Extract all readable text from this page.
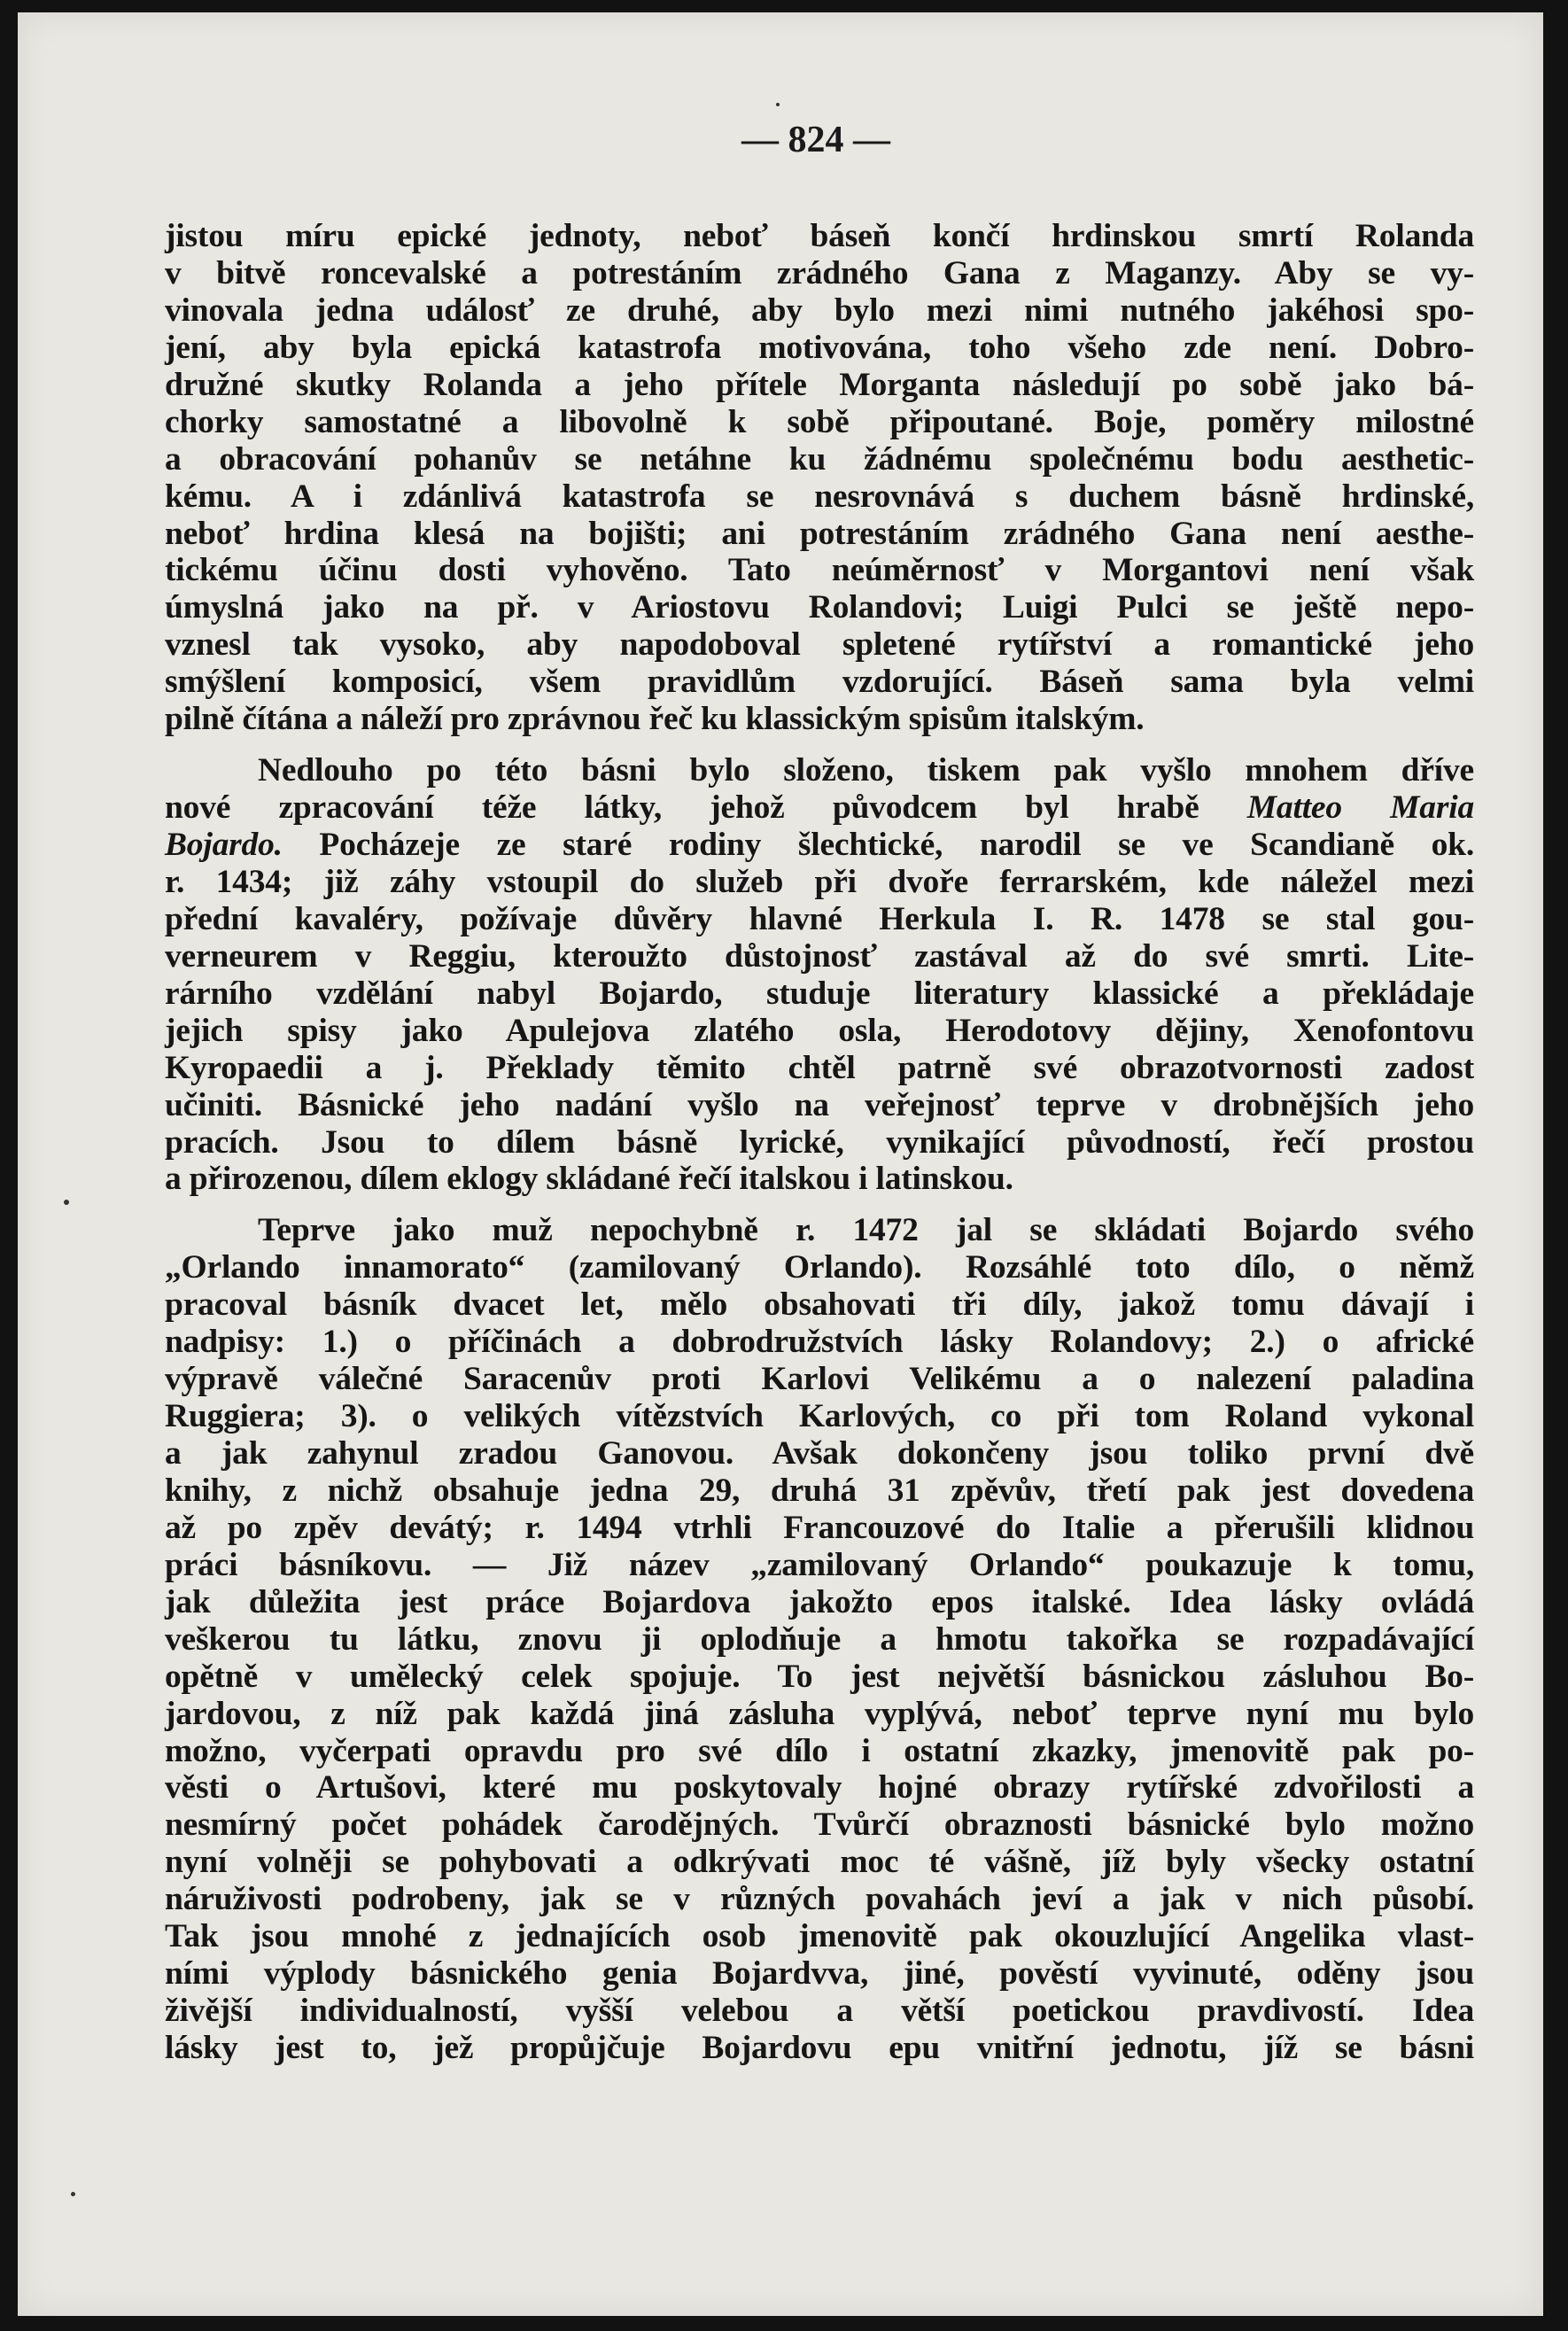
— 824 —
jistou míru epické jednoty, neboť báseň končí hrdinskou smrtí Rolanda
v bitvě roncevalské a potrestáním zrádného Gana z Maganzy. Aby se vy-
vinovala jedna událosť ze druhé, aby bylo mezi nimi nutného jakéhosi spo-
jení, aby byla epická katastrofa motivována, toho všeho zde není. Dobro-
družné skutky Rolanda a jeho přítele Morganta následují po sobě jako bá-
chorky samostatné a libovolně k sobě připoutané. Boje, poměry milostné
a obracování pohanův se netáhne ku žádnému společnému bodu aesthetic-
kému. A i zdánlivá katastrofa se nesrovnává s duchem básně hrdinské,
neboť hrdina klesá na bojišti; ani potrestáním zrádného Gana není aesthe-
tickému účinu dosti vyhověno. Tato neúměrnosť v Morgantovi není však
úmyslná jako na př. v Ariostovu Rolandovi; Luigi Pulci se ještě nepo-
vznesl tak vysoko, aby napodoboval spletené rytířství a romantické jeho
smýšlení komposicí, všem pravidlům vzdorující. Báseň sama byla velmi
pilně čítána a náleží pro zprávnou řeč ku klassickým spisům italským.
Nedlouho po této básni bylo složeno, tiskem pak vyšlo mnohem dříve
nové zpracování téže látky, jehož původcem byl hrabě Matteo Maria
Bojardo. Pocházeje ze staré rodiny šlechtické, narodil se ve Scandianě ok.
r. 1434; již záhy vstoupil do služeb při dvoře ferrarském, kde náležel mezi
přední kavaléry, požívaje důvěry hlavné Herkula I. R. 1478 se stal gou-
verneurem v Reggiu, kteroužto důstojnosť zastával až do své smrti. Lite-
rárního vzdělání nabyl Bojardo, studuje literatury klassické a překládaje
jejich spisy jako Apulejova zlatého osla, Herodotovy dějiny, Xenofontovu
Kyropaedii a j. Překlady těmito chtěl patrně své obrazotvornosti zadost
učiniti. Básnické jeho nadání vyšlo na veřejnosť teprve v drobnějších jeho
pracích. Jsou to dílem básně lyrické, vynikající původností, řečí prostou
a přirozenou, dílem eklogy skládané řečí italskou i latinskou.
Teprve jako muž nepochybně r. 1472 jal se skládati Bojardo svého
„Orlando innamorato“ (zamilovaný Orlando). Rozsáhlé toto dílo, o němž
pracoval básník dvacet let, mělo obsahovati tři díly, jakož tomu dávají i
nadpisy: 1.) o příčinách a dobrodružstvích lásky Rolandovy; 2.) o africké
výpravě válečné Saracenův proti Karlovi Velikému a o nalezení paladina
Ruggiera; 3). o velikých vítězstvích Karlových, co při tom Roland vykonal
a jak zahynul zradou Ganovou. Avšak dokončeny jsou toliko první dvě
knihy, z nichž obsahuje jedna 29, druhá 31 zpěvův, třetí pak jest dovedena
až po zpěv devátý; r. 1494 vtrhli Francouzové do Italie a přerušili klidnou
práci básníkovu. — Již název „zamilovaný Orlando“ poukazuje k tomu,
jak důležita jest práce Bojardova jakožto epos italské. Idea lásky ovládá
veškerou tu látku, znovu ji oplodňuje a hmotu takořka se rozpadávající
opětně v umělecký celek spojuje. To jest největší básnickou zásluhou Bo-
jardovou, z níž pak každá jiná zásluha vyplývá, neboť teprve nyní mu bylo
možno, vyčerpati opravdu pro své dílo i ostatní zkazky, jmenovitě pak po-
věsti o Artušovi, které mu poskytovaly hojné obrazy rytířské zdvořilosti a
nesmírný počet pohádek čarodějných. Tvůrčí obraznosti básnické bylo možno
nyní volněji se pohybovati a odkrývati moc té vášně, jíž byly všecky ostatní
náruživosti podrobeny, jak se v různých povahách jeví a jak v nich působí.
Tak jsou mnohé z jednajících osob jmenovitě pak okouzlující Angelika vlast-
ními výplody básnického genia Bojardvva, jiné, pověstí vyvinuté, oděny jsou
živější individualností, vyšší velebou a větší poetickou pravdivostí. Idea
lásky jest to, jež propůjčuje Bojardovu epu vnitřní jednotu, jíž se básni
